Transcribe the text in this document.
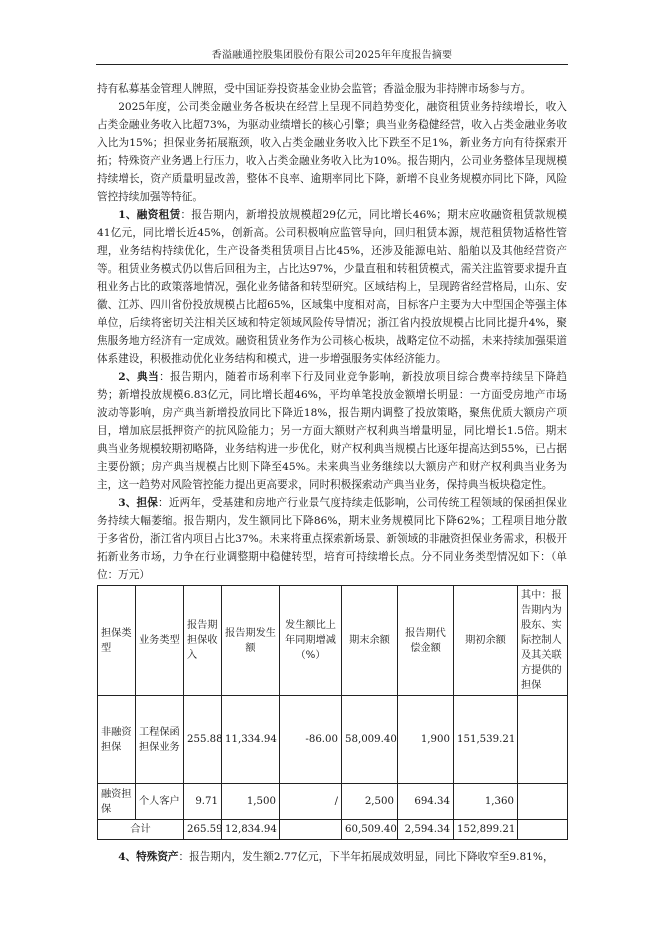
香溢融通控股集团股份有限公司2025年年度报告摘要

持有私募基金管理人牌照，受中国证券投资基金业协会监管；香溢金服为非持牌市场参与方。

2025年度，公司类金融业务各板块在经营上呈现不同趋势变化，融资租赁业务持续增长，收入占类金融业务收入比超73%，为驱动业绩增长的核心引擎；典当业务稳健经营，收入占类金融业务收入比为15%；担保业务拓展瓶颈，收入占类金融业务收入比下跌至不足1%，新业务方向有待探索开拓；特殊资产业务遇上行压力，收入占类金融业务收入比为10%。报告期内，公司业务整体呈现规模持续增长，资产质量明显改善，整体不良率、逾期率同比下降，新增不良业务规模亦同比下降，风险管控持续加强等特征。

1、融资租赁：报告期内，新增投放规模超29亿元，同比增长46%；期末应收融资租赁款规模41亿元，同比增长近45%，创新高。公司积极响应监管导向，回归租赁本源，规范租赁物适格性管理，业务结构持续优化，生产设备类租赁项目占比45%，还涉及能源电站、船舶以及其他经营资产等。租赁业务模式仍以售后回租为主，占比达97%，少量直租和转租赁模式，需关注监管要求提升直租业务占比的政策落地情况，强化业务储备和转型研究。区域结构上，呈现跨省经营格局，山东、安徽、江苏、四川省份投放规模占比超65%，区域集中度相对高，目标客户主要为大中型国企等强主体单位，后续将密切关注相关区域和特定领域风险传导情况；浙江省内投放规模占比同比提升4%，聚焦服务地方经济有一定成效。融资租赁业务作为公司核心板块，战略定位不动摇，未来持续加强渠道体系建设，积极推动优化业务结构和模式，进一步增强服务实体经济能力。

2、典当：报告期内，随着市场利率下行及同业竞争影响，新投放项目综合费率持续呈下降趋势；新增投放规模6.83亿元，同比增长超46%，平均单笔投放金额增长明显：一方面受房地产市场波动等影响，房产典当新增投放同比下降近18%，报告期内调整了投放策略，聚焦优质大额房产项目，增加底层抵押资产的抗风险能力；另一方面大额财产权利典当增量明显，同比增长1.5倍。期末典当业务规模较期初略降，业务结构进一步优化，财产权利典当规模占比逐年提高达到55%，已占据主要份额；房产典当规模占比则下降至45%。未来典当业务继续以大额房产和财产权利典当业务为主，这一趋势对风险管控能力提出更高要求，同时积极探索动产典当业务，保持典当板块稳定性。

3、担保：近两年，受基建和房地产行业景气度持续走低影响，公司传统工程领域的保函担保业务持续大幅萎缩。报告期内，发生额同比下降86%，期末业务规模同比下降62%；工程项目地分散于多省份，浙江省内项目占比37%。未来将重点探索新场景、新领域的非融资担保业务需求，积极开拓新业务市场，力争在行业调整期中稳健转型，培育可持续增长点。分不同业务类型情况如下：（单位：万元）

担保类型	业务类型	报告期担保收入	报告期发生额	发生额比上年同期增减（%）	期末余额	报告期代偿金额	期初余额	其中：报告期内为股东、实际控制人及其关联方提供的担保
非融资担保	工程保函担保业务	255.88	11,334.94	-86.00	58,009.40	1,900	151,539.21	
融资担保	个人客户	9.71	1,500	/	2,500	694.34	1,360	
合计		265.59	12,834.94		60,509.40	2,594.34	152,899.21	

4、特殊资产：报告期内，发生额2.77亿元，下半年拓展成效明显，同比下降收窄至9.81%，
